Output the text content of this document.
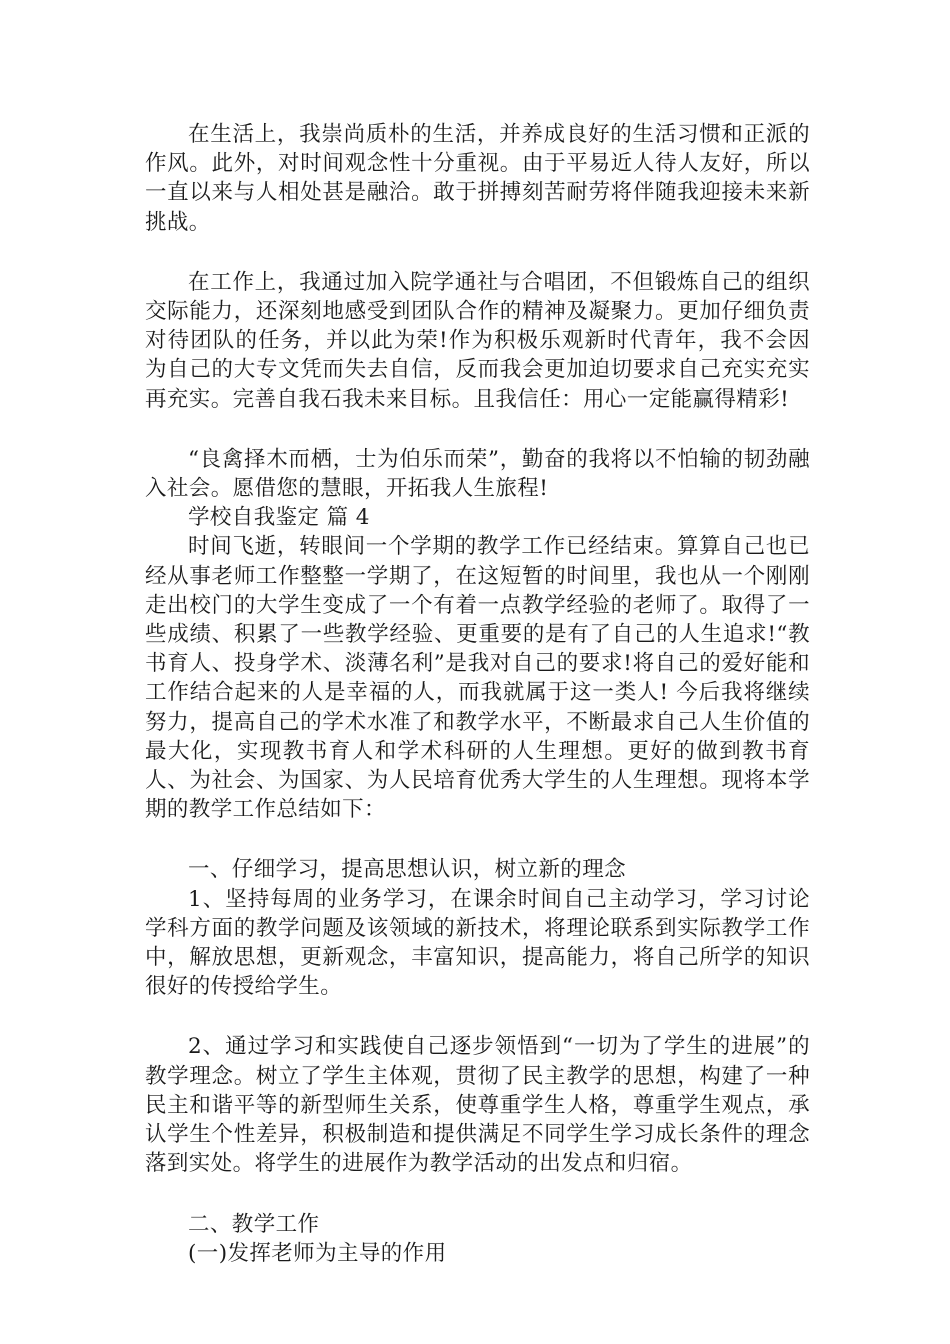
在生活上，我崇尚质朴的生活，并养成良好的生活习惯和正派的作风。此外，对时间观念性十分重视。由于平易近人待人友好，所以一直以来与人相处甚是融洽。敢于拼搏刻苦耐劳将伴随我迎接未来新挑战。

在工作上，我通过加入院学通社与合唱团，不但锻炼自己的组织交际能力，还深刻地感受到团队合作的精神及凝聚力。更加仔细负责对待团队的任务，并以此为荣!作为积极乐观新时代青年，我不会因为自己的大专文凭而失去自信，反而我会更加迫切要求自己充实充实再充实。完善自我石我未来目标。且我信任：用心一定能赢得精彩!

“良禽择木而栖，士为伯乐而荣”，勤奋的我将以不怕输的韧劲融入社会。愿借您的慧眼，开拓我人生旅程!

学校自我鉴定 篇 4

时间飞逝，转眼间一个学期的教学工作已经结束。算算自己也已经从事老师工作整整一学期了，在这短暂的时间里，我也从一个刚刚走出校门的大学生变成了一个有着一点教学经验的老师了。取得了一些成绩、积累了一些教学经验、更重要的是有了自己的人生追求!“教书育人、投身学术、淡薄名利”是我对自己的要求!将自己的爱好能和工作结合起来的人是幸福的人，而我就属于这一类人! 今后我将继续努力，提高自己的学术水准了和教学水平，不断最求自己人生价值的最大化，实现教书育人和学术科研的人生理想。更好的做到教书育人、为社会、为国家、为人民培育优秀大学生的人生理想。现将本学期的教学工作总结如下：

一、仔细学习，提高思想认识，树立新的理念

1、坚持每周的业务学习，在课余时间自己主动学习，学习讨论学科方面的教学问题及该领域的新技术，将理论联系到实际教学工作中，解放思想，更新观念，丰富知识，提高能力，将自己所学的知识很好的传授给学生。

2、通过学习和实践使自己逐步领悟到“一切为了学生的进展”的教学理念。树立了学生主体观，贯彻了民主教学的思想，构建了一种民主和谐平等的新型师生关系，使尊重学生人格，尊重学生观点，承认学生个性差异，积极制造和提供满足不同学生学习成长条件的理念落到实处。将学生的进展作为教学活动的出发点和归宿。

二、教学工作

(一)发挥老师为主导的作用
